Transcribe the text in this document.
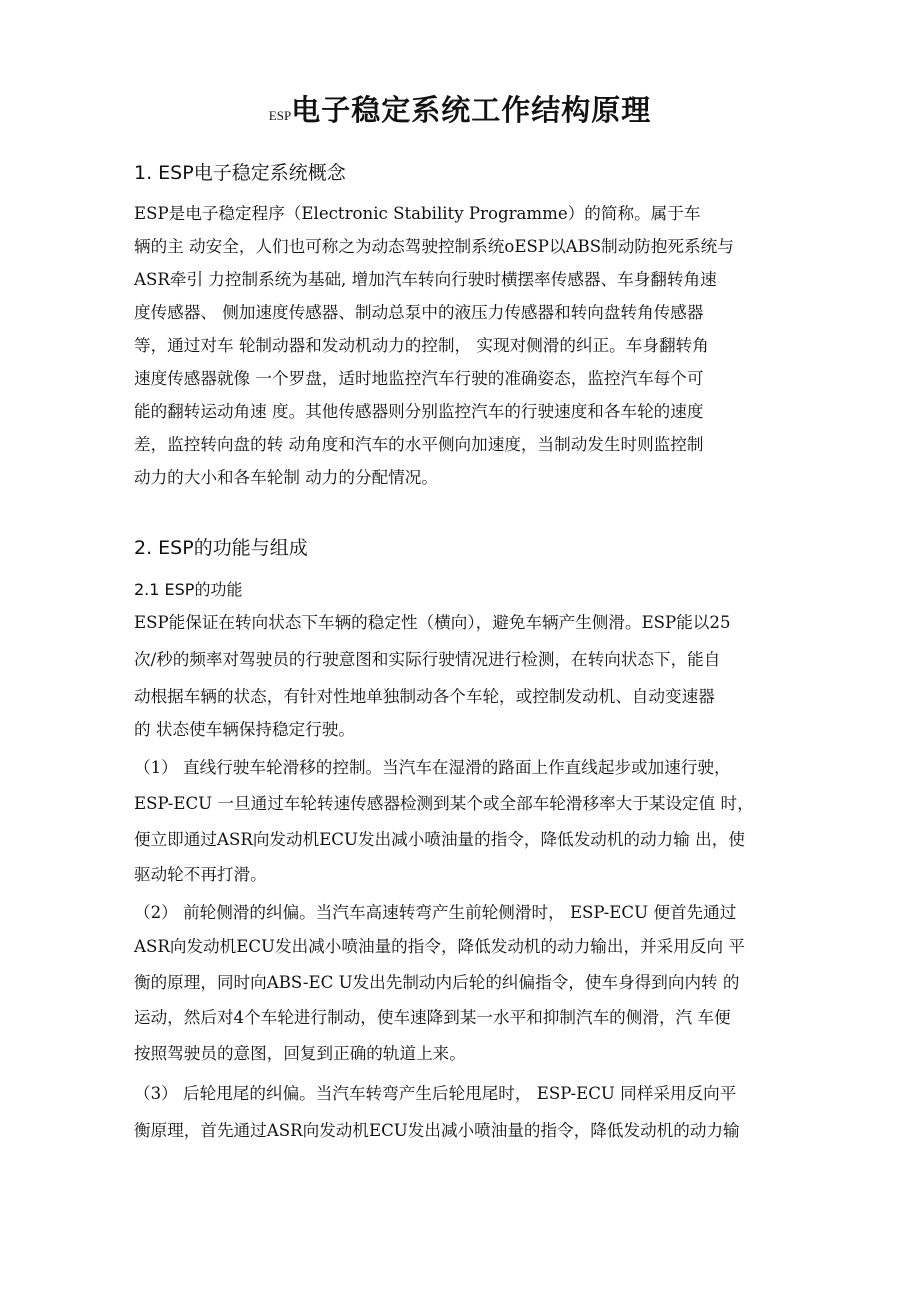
ESP电子稳定系统工作结构原理
1. ESP电子稳定系统概念
ESP是电子稳定程序（Electronic Stability Programme）的简称。属于车
辆的主 动安全，人们也可称之为动态驾驶控制系统oESP以ABS制动防抱死系统与
ASR牵引 力控制系统为基础, 增加汽车转向行驶时横摆率传感器、车身翻转角速
度传感器、 侧加速度传感器、制动总泵中的液压力传感器和转向盘转角传感器
等，通过对车 轮制动器和发动机动力的控制， 实现对侧滑的纠正。车身翻转角
速度传感器就像 一个罗盘，适时地监控汽车行驶的准确姿态，监控汽车每个可
能的翻转运动角速 度。其他传感器则分别监控汽车的行驶速度和各车轮的速度
差，监控转向盘的转 动角度和汽车的水平侧向加速度，当制动发生时则监控制
动力的大小和各车轮制 动力的分配情况。
2. ESP的功能与组成
2.1 ESP的功能
ESP能保证在转向状态下车辆的稳定性（横向），避免车辆产生侧滑。ESP能以25
次/秒的频率对驾驶员的行驶意图和实际行驶情况进行检测，在转向状态下，能自
动根据车辆的状态，有针对性地单独制动各个车轮，或控制发动机、自动变速器
的 状态使车辆保持稳定行驶。
（1） 直线行驶车轮滑移的控制。当汽车在湿滑的路面上作直线起步或加速行驶，
ESP-ECU 一旦通过车轮转速传感器检测到某个或全部车轮滑移率大于某设定值 时，
便立即通过ASR向发动机ECU发出减小喷油量的指令，降低发动机的动力输 出，使
驱动轮不再打滑。
（2） 前轮侧滑的纠偏。当汽车高速转弯产生前轮侧滑时， ESP-ECU 便首先通过
ASR向发动机ECU发出减小喷油量的指令，降低发动机的动力输出，并采用反向 平
衡的原理，同时向ABS-EC U发出先制动内后轮的纠偏指令，使车身得到向内转 的
运动，然后对4个车轮进行制动，使车速降到某一水平和抑制汽车的侧滑，汽 车便
按照驾驶员的意图，回复到正确的轨道上来。
（3） 后轮甩尾的纠偏。当汽车转弯产生后轮甩尾时， ESP-ECU 同样采用反向平
衡原理，首先通过ASR向发动机ECU发出减小喷油量的指令，降低发动机的动力输
